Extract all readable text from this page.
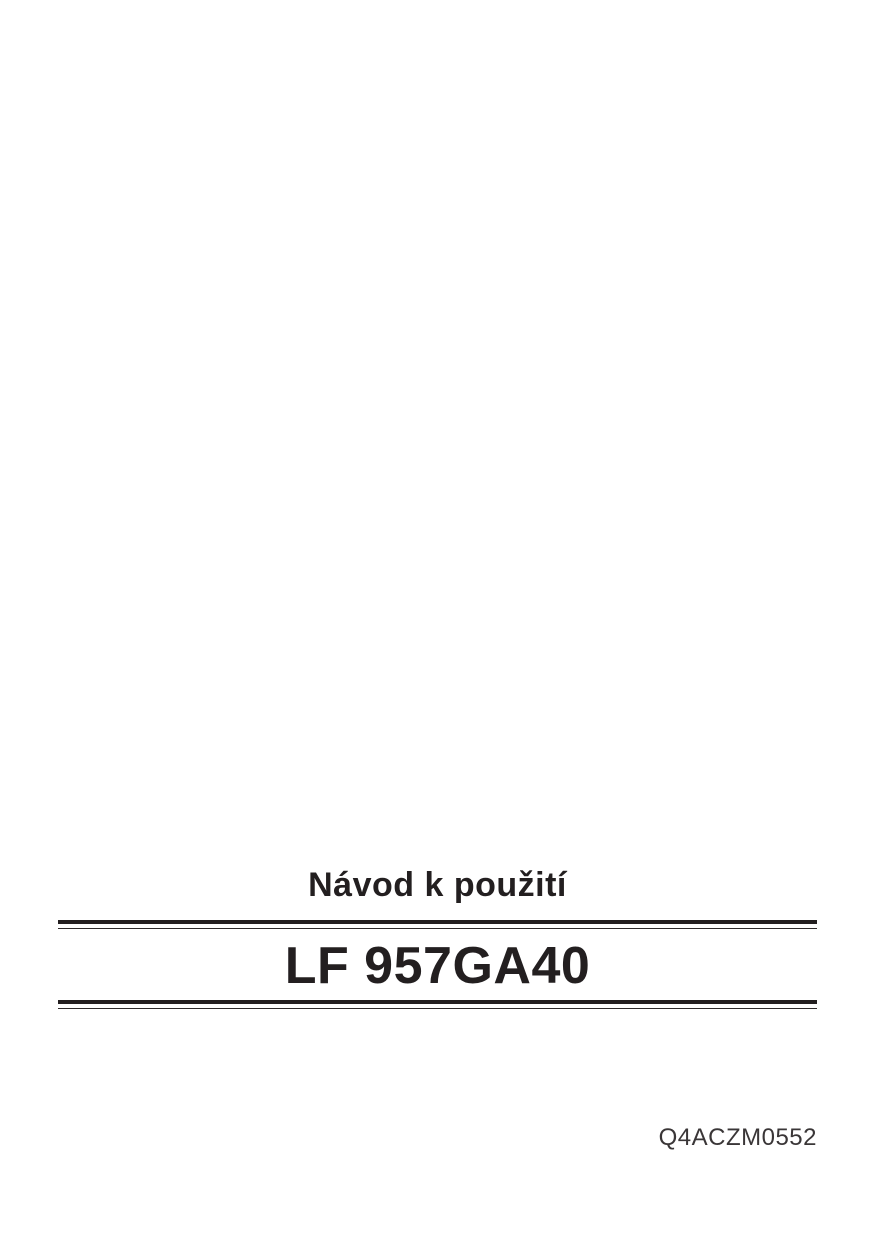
Návod k použití
LF 957GA40
Q4ACZM0552
